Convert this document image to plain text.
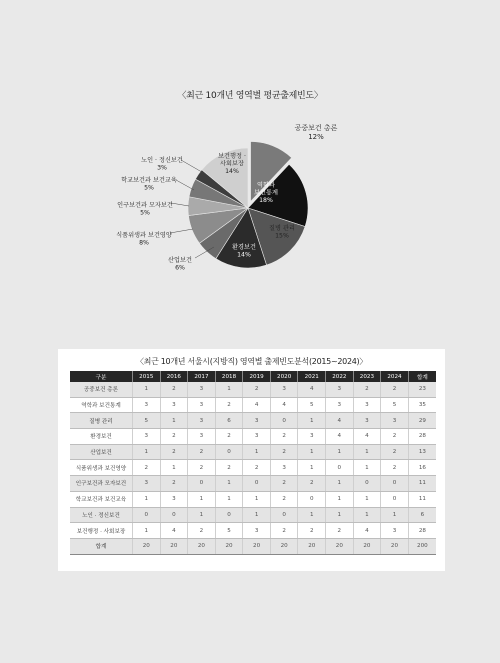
〈최근 10개년 영역별 평균출제빈도〉
공중보건 총론 12%
역학과 보건통계 18%
질병 관리 15%
환경보건 14%
산업보건 6%
식품위생과 보건영양 8%
인구보건과 모자보건 5%
학교보건과 보건교육 5%
노인 · 정신보건 3%
보건행정 · 사회보장 14%
〈최근 10개년 서울시(지방직) 영역별 출제빈도분석(2015~2024)〉
구분	2015	2016	2017	2018	2019	2020	2021	2022	2023	2024	합계
공중보건 총론	1	2	3	1	2	3	4	3	2	2	23
역학과 보건통계	3	3	3	2	4	4	5	3	3	5	35
질병 관리	5	1	3	6	3	0	1	4	3	3	29
환경보건	3	2	3	2	3	2	3	4	4	2	28
산업보건	1	2	2	0	1	2	1	1	1	2	13
식품위생과 보건영양	2	1	2	2	2	3	1	0	1	2	16
인구보건과 모자보건	3	2	0	1	0	2	2	1	0	0	11
학교보건과 보건교육	1	3	1	1	1	2	0	1	1	0	11
노인 · 정신보건	0	0	1	0	1	0	1	1	1	1	6
보건행정 · 사회보장	1	4	2	5	3	2	2	2	4	3	28
합계	20	20	20	20	20	20	20	20	20	20	200
